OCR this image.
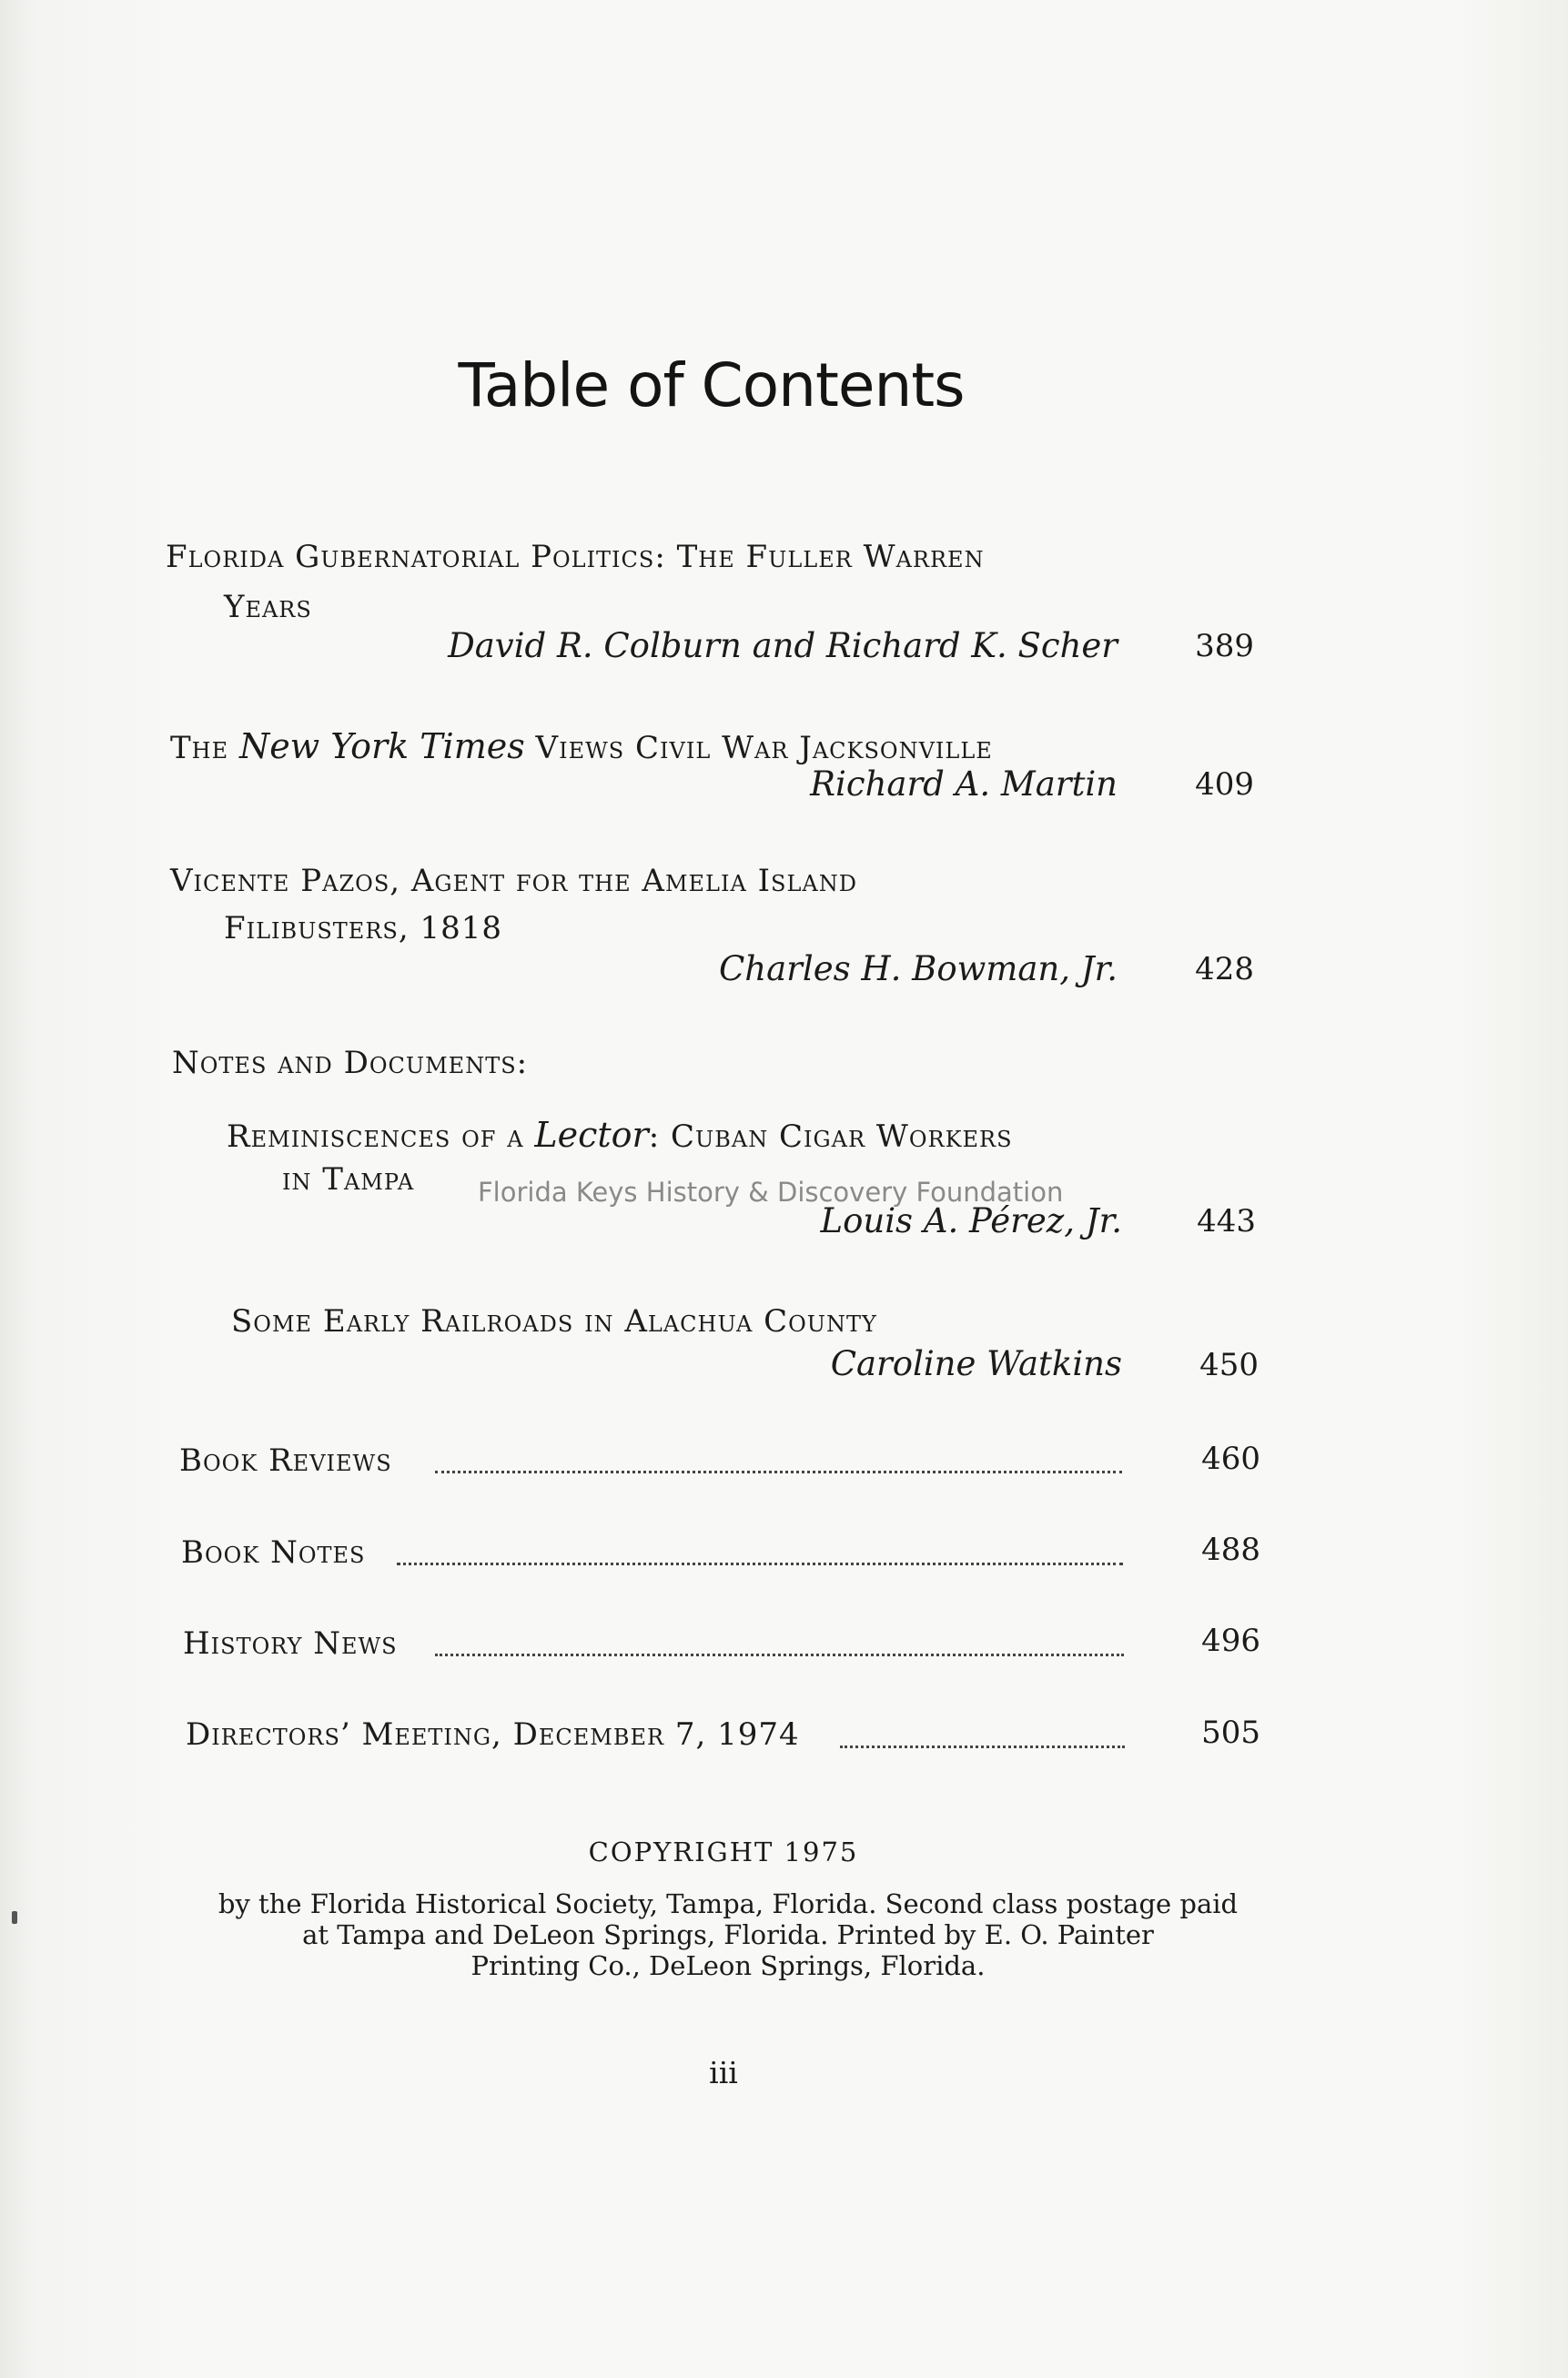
Table of Contents
Florida Gubernatorial Politics: The Fuller Warren
Years
David R. Colburn and Richard K. Scher	389
The New York Times Views Civil War Jacksonville
Richard A. Martin	409
Vicente Pazos, Agent for the Amelia Island
Filibusters, 1818
Charles H. Bowman, Jr.	428
Notes and Documents:
Reminiscences of a Lector: Cuban Cigar Workers
in Tampa
Louis A. Pérez, Jr.	443
Some Early Railroads in Alachua County
Caroline Watkins	450
Book Reviews	460
Book Notes	488
History News	496
Directors’ Meeting, December 7, 1974	505
Florida Keys History & Discovery Foundation
COPYRIGHT 1975
by the Florida Historical Society, Tampa, Florida. Second class postage paid
at Tampa and DeLeon Springs, Florida. Printed by E. O. Painter
Printing Co., DeLeon Springs, Florida.
iii
